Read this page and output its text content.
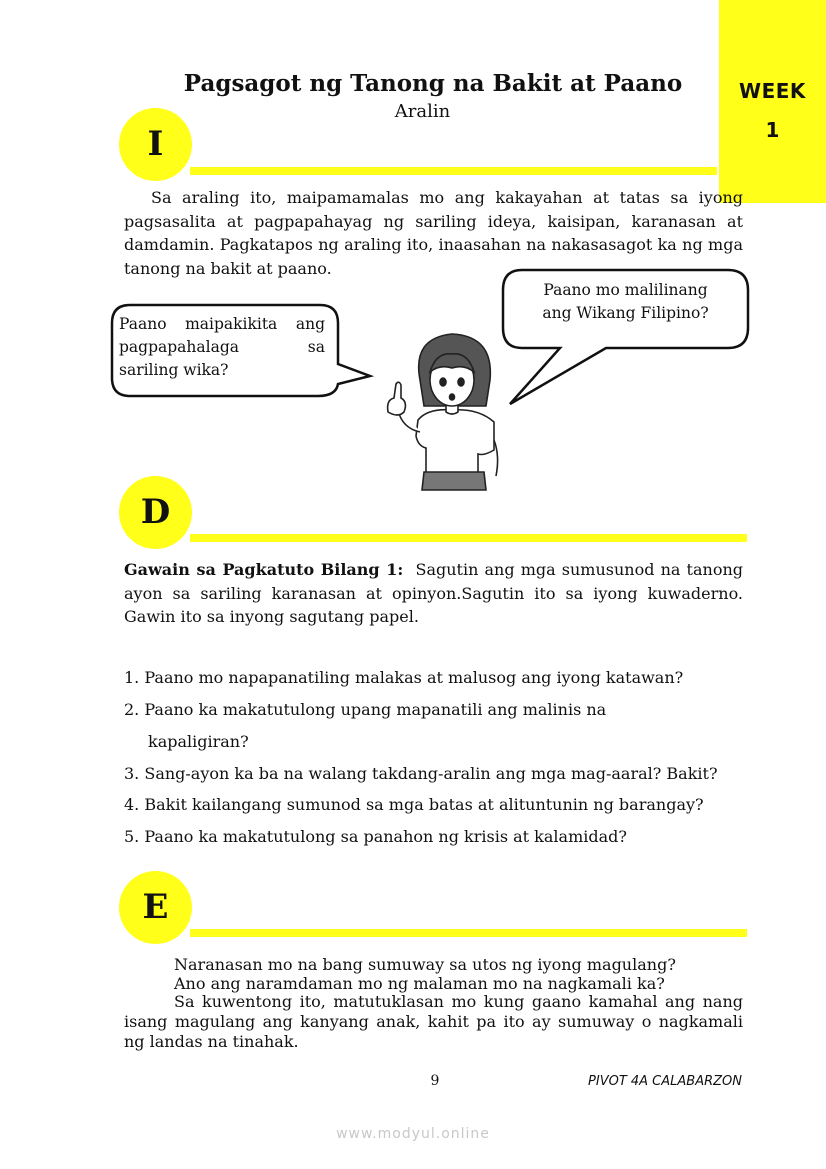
WEEK
1
Pagsagot ng Tanong na Bakit at Paano
Aralin
I
Sa araling ito, maipamamalas mo ang kakayahan at tatas sa iyong pagsasalita at pagpapahayag ng sariling ideya, kaisipan, karanasan at damdamin. Pagkatapos ng araling ito, inaasahan na nakasasagot ka ng mga tanong na bakit at paano.
Paano maipakikita ang pagpapahalaga sa sariling wika?
Paano mo malilinang
ang Wikang Filipino?
D
Gawain sa Pagkatuto Bilang 1: Sagutin ang mga sumusunod na tanong ayon sa sariling karanasan at opinyon.Sagutin ito sa iyong kuwaderno. Gawin ito sa inyong sagutang papel.
1. Paano mo napapanatiling malakas at malusog ang iyong katawan?
2. Paano ka makatutulong upang mapanatili ang malinis na
kapaligiran?
3. Sang-ayon ka ba na walang takdang-aralin ang mga mag-aaral? Bakit?
4. Bakit kailangang sumunod sa mga batas at alituntunin ng barangay?
5. Paano ka makatutulong sa panahon ng krisis at kalamidad?
E
Naranasan mo na bang sumuway sa utos ng iyong magulang?
Ano ang naramdaman mo ng malaman mo na nagkamali ka?
Sa kuwentong ito, matutuklasan mo kung gaano kamahal ang nang isang magulang ang kanyang anak, kahit pa ito ay sumuway o nagkamali ng landas na tinahak.
9	PIVOT 4A CALABARZON
www.modyul.online
